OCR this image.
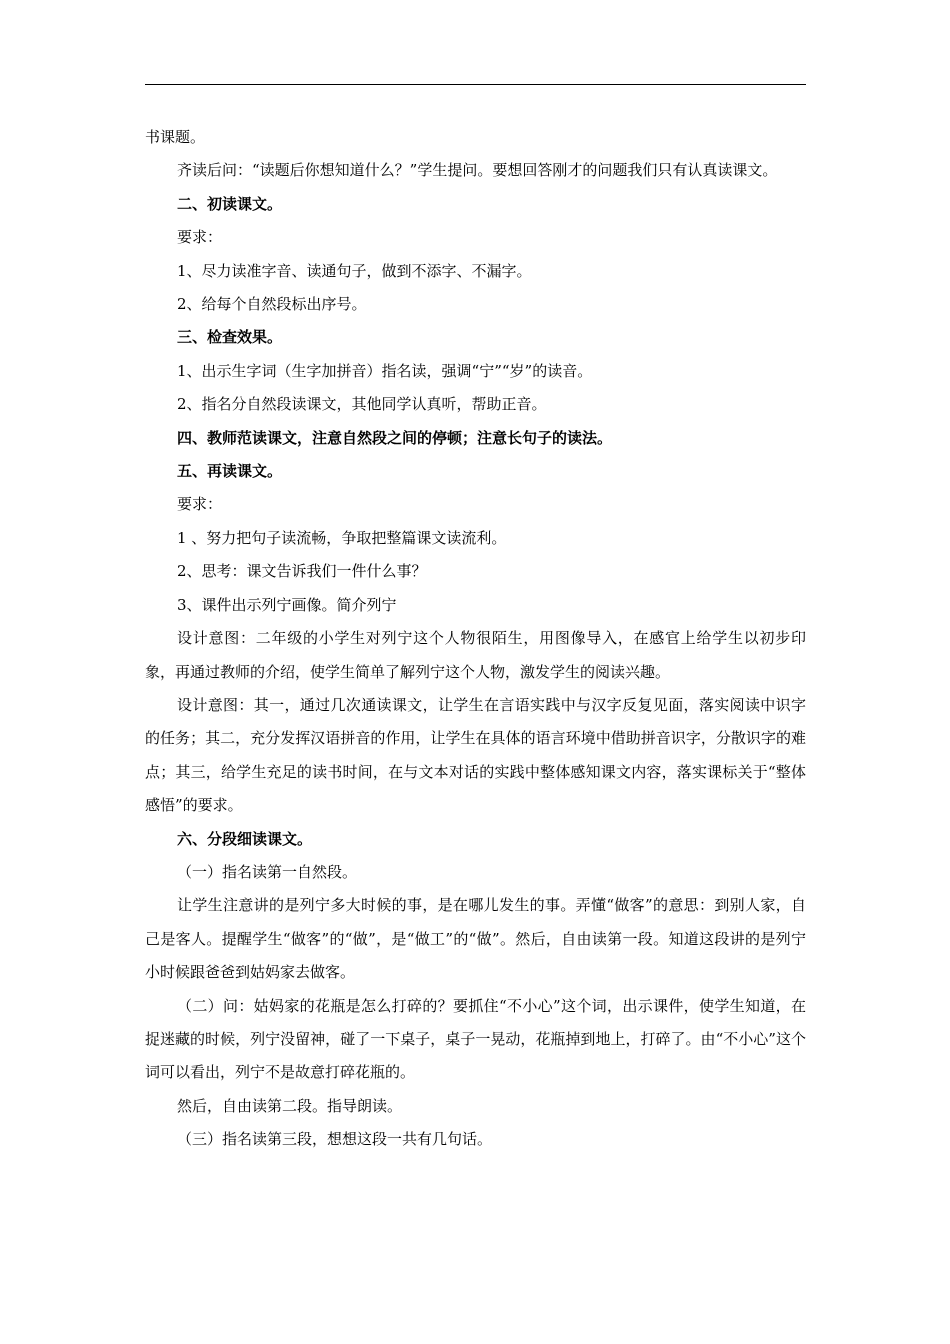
书课题。

齐读后问：“读题后你想知道什么？”学生提问。要想回答刚才的问题我们只有认真读课文。

二、初读课文。

要求：

1、尽力读准字音、读通句子，做到不添字、不漏字。

2、给每个自然段标出序号。

三、检查效果。

1、出示生字词（生字加拼音）指名读，强调“宁”“岁”的读音。

2、指名分自然段读课文，其他同学认真听，帮助正音。

四、教师范读课文，注意自然段之间的停顿；注意长句子的读法。

五、再读课文。

要求：

1 、努力把句子读流畅，争取把整篇课文读流利。

2、思考：课文告诉我们一件什么事？

3、课件出示列宁画像。简介列宁

设计意图：二年级的小学生对列宁这个人物很陌生，用图像导入，在感官上给学生以初步印象，再通过教师的介绍，使学生简单了解列宁这个人物，激发学生的阅读兴趣。

设计意图：其一，通过几次通读课文，让学生在言语实践中与汉字反复见面，落实阅读中识字的任务；其二，充分发挥汉语拼音的作用，让学生在具体的语言环境中借助拼音识字，分散识字的难点；其三，给学生充足的读书时间，在与文本对话的实践中整体感知课文内容，落实课标关于“整体感悟”的要求。

六、分段细读课文。

（一）指名读第一自然段。

让学生注意讲的是列宁多大时候的事，是在哪儿发生的事。弄懂“做客”的意思：到别人家，自己是客人。提醒学生“做客”的“做”，是“做工”的“做”。然后，自由读第一段。知道这段讲的是列宁小时候跟爸爸到姑妈家去做客。

（二）问：姑妈家的花瓶是怎么打碎的？要抓住“不小心”这个词，出示课件，使学生知道，在捉迷藏的时候，列宁没留神，碰了一下桌子，桌子一晃动，花瓶掉到地上，打碎了。由“不小心”这个词可以看出，列宁不是故意打碎花瓶的。

然后，自由读第二段。指导朗读。

（三）指名读第三段，想想这段一共有几句话。
